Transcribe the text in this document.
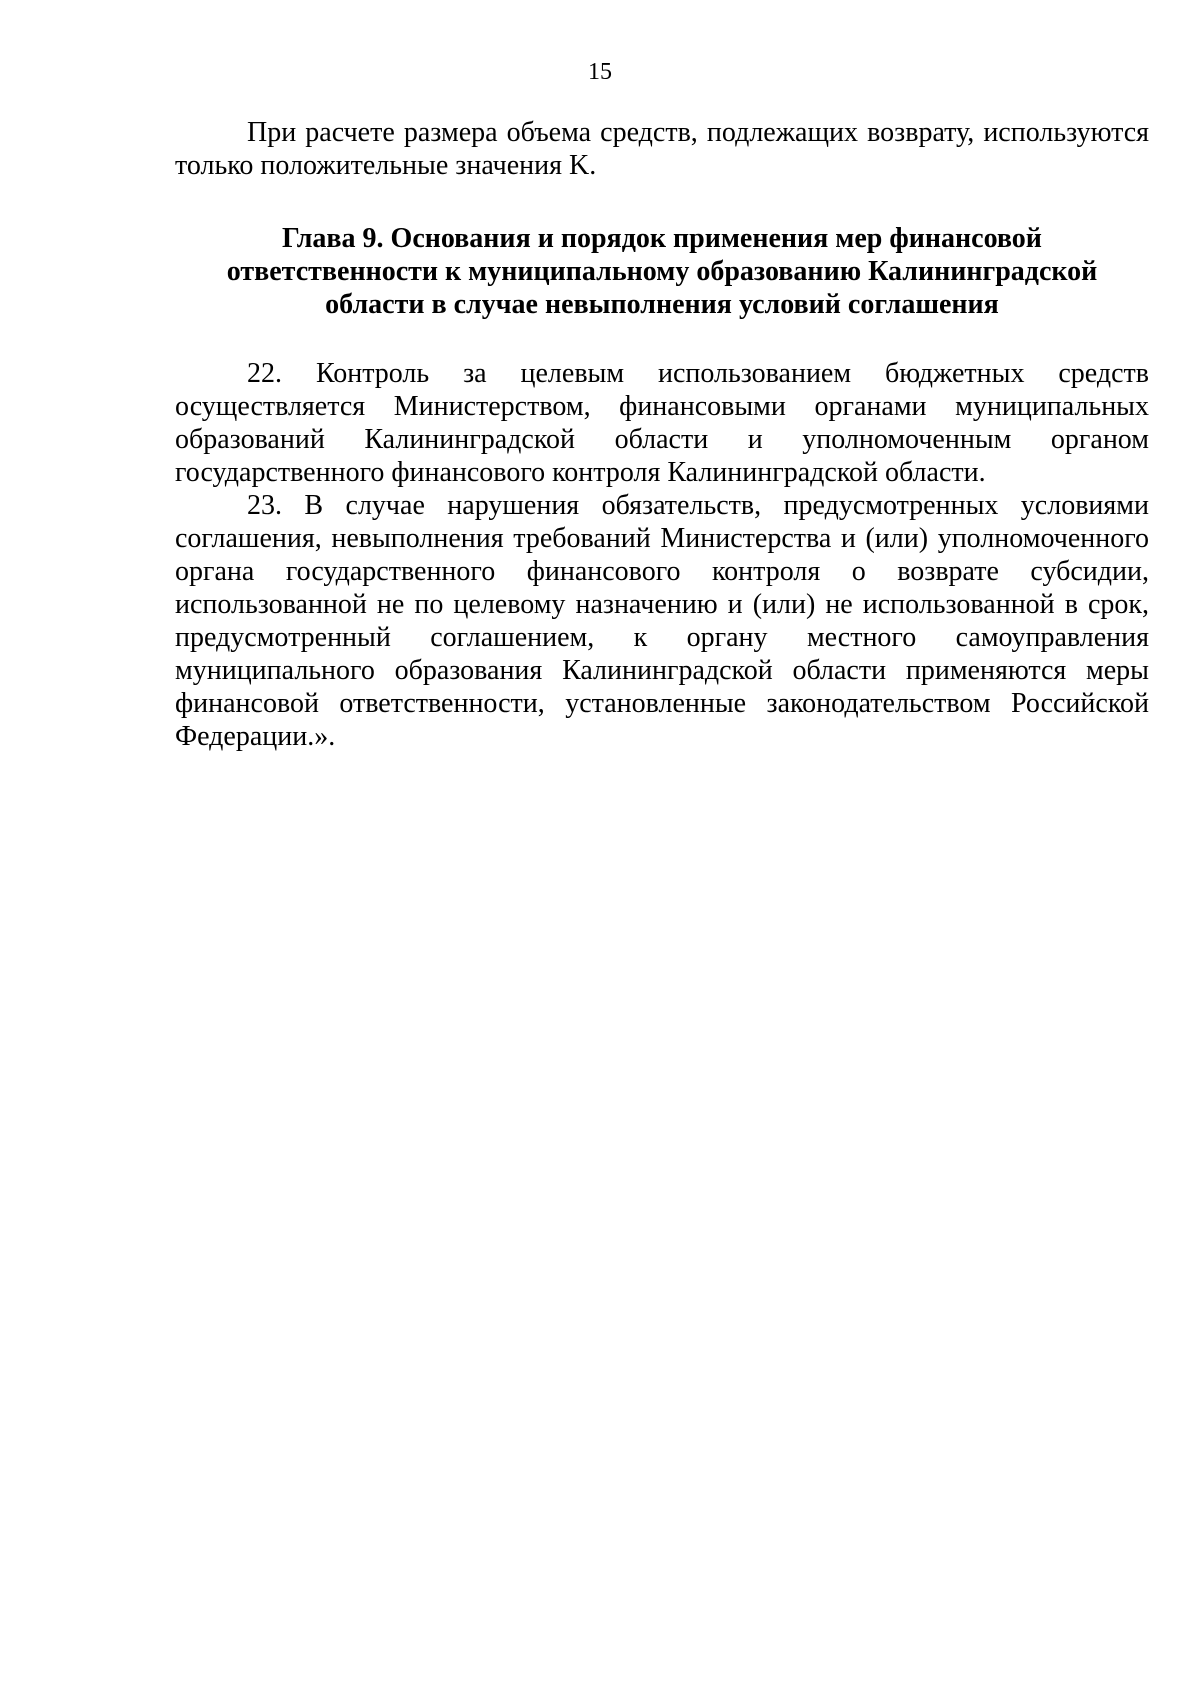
15

При расчете размера объема средств, подлежащих возврату, используются только положительные значения K.

Глава 9. Основания и порядок применения мер финансовой
ответственности к муниципальному образованию Калининградской
области в случае невыполнения условий соглашения

22. Контроль за целевым использованием бюджетных средств осуществляется Министерством, финансовыми органами муниципальных образований Калининградской области и уполномоченным органом государственного финансового контроля Калининградской области.

23. В случае нарушения обязательств, предусмотренных условиями соглашения, невыполнения требований Министерства и (или) уполномоченного органа государственного финансового контроля о возврате субсидии, использованной не по целевому назначению и (или) не использованной в срок, предусмотренный соглашением, к органу местного самоуправления муниципального образования Калининградской области применяются меры финансовой ответственности, установленные законодательством Российской Федерации.».
